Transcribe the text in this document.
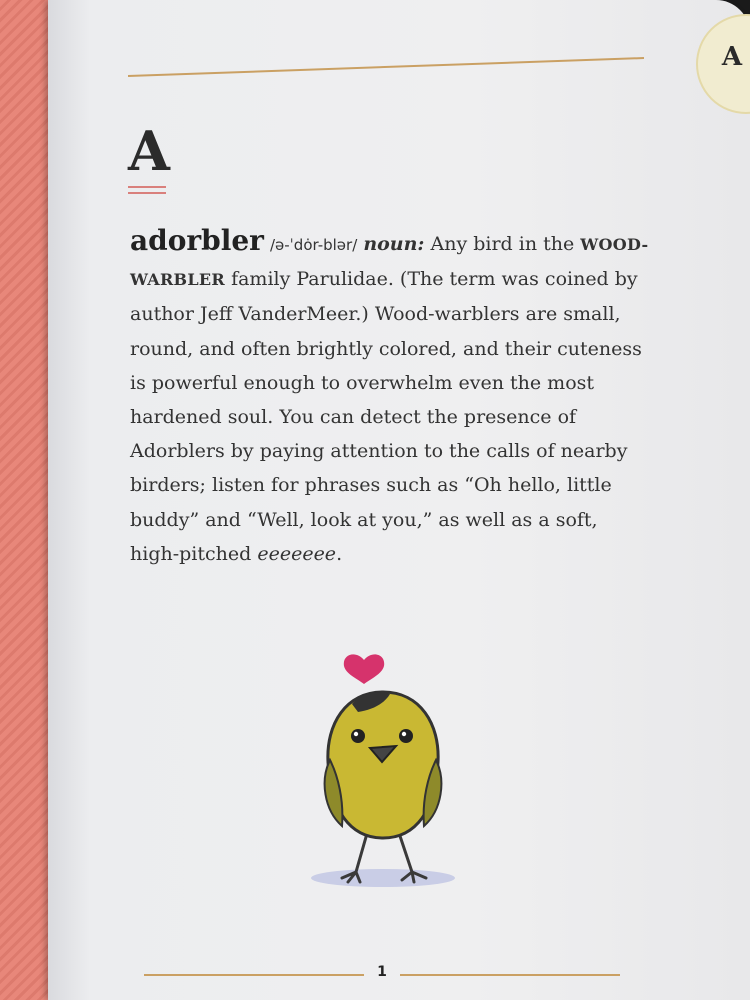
A
A
adorbler /ə-ˈdȯr-blər/ noun: Any bird in the WOOD-WARBLER family Parulidae. (The term was coined by author Jeff VanderMeer.) Wood-warblers are small, round, and often brightly colored, and their cuteness is powerful enough to overwhelm even the most hardened soul. You can detect the presence of Adorblers by paying attention to the calls of nearby birders; listen for phrases such as “Oh hello, little buddy” and “Well, look at you,” as well as a soft, high-pitched eeeeeee.
1
